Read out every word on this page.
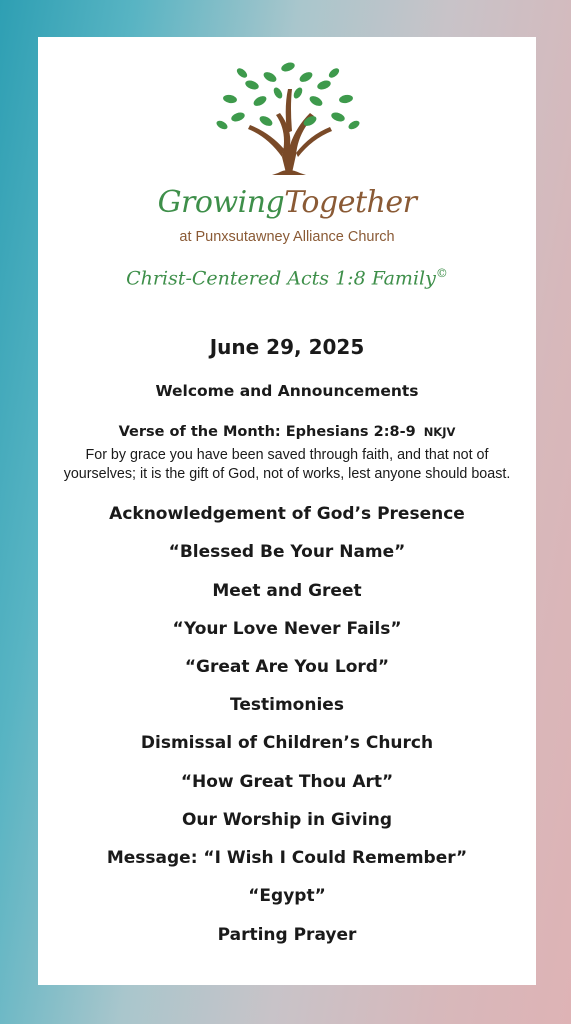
GrowingTogether
at Punxsutawney Alliance Church
Christ-Centered Acts 1:8 Family©
June 29, 2025
Welcome and Announcements
Verse of the Month: Ephesians 2:8-9 NKJV
For by grace you have been saved through faith, and that not of
yourselves; it is the gift of God, not of works, lest anyone should boast.
Acknowledgement of God’s Presence
“Blessed Be Your Name”
Meet and Greet
“Your Love Never Fails”
“Great Are You Lord”
Testimonies
Dismissal of Children’s Church
“How Great Thou Art”
Our Worship in Giving
Message: “I Wish I Could Remember”
“Egypt”
Parting Prayer
